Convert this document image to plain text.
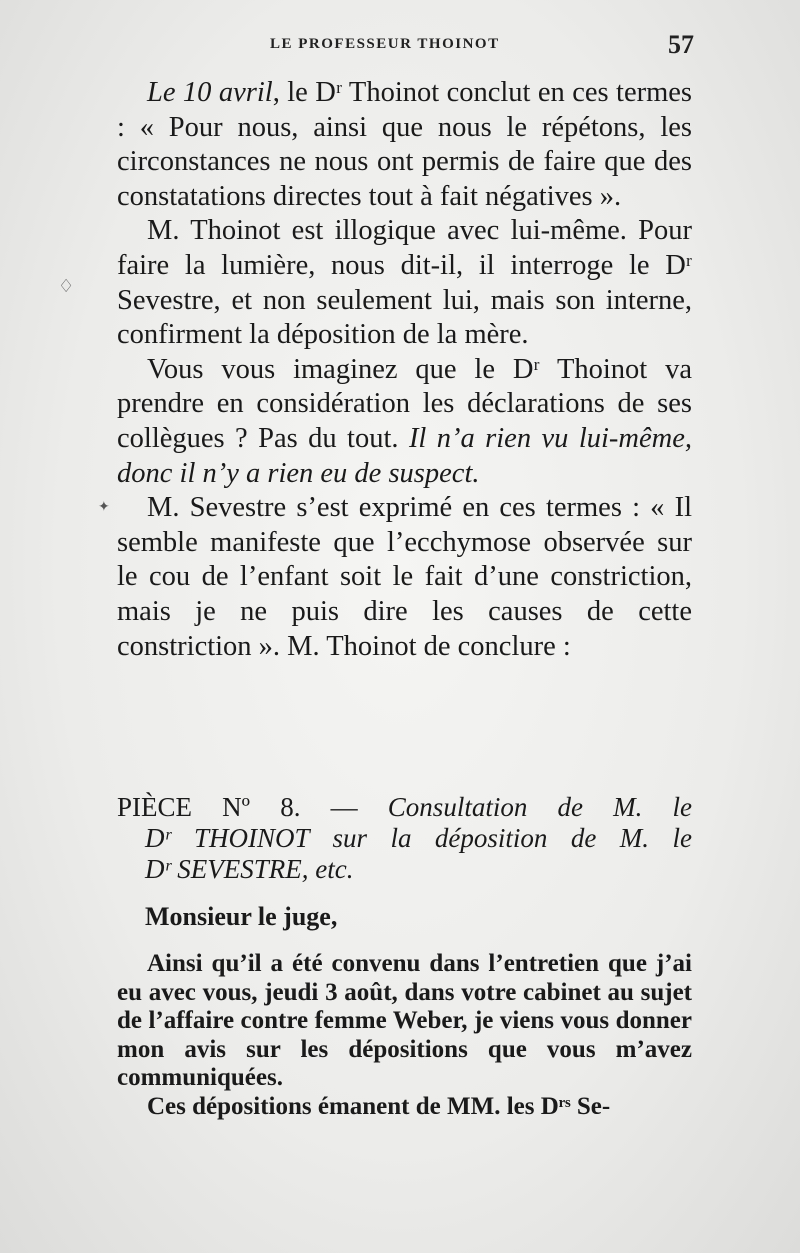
♢
✦
LE PROFESSEUR THOINOT	57

Le 10 avril, le Dʳ Thoinot conclut en ces termes : « Pour nous, ainsi que nous le répétons, les circonstances ne nous ont permis de faire que des constatations directes tout à fait négatives ».

M. Thoinot est illogique avec lui-même. Pour faire la lumière, nous dit-il, il interroge le Dʳ Sevestre, et non seulement lui, mais son interne, confirment la déposition de la mère.

Vous vous imaginez que le Dʳ Thoinot va prendre en considération les déclarations de ses collègues ? Pas du tout. Il n’a rien vu lui-même, donc il n’y a rien eu de suspect.

M. Sevestre s’est exprimé en ces termes : « Il semble manifeste que l’ecchymose observée sur le cou de l’enfant soit le fait d’une constriction, mais je ne puis dire les causes de cette constriction ». M. Thoinot de conclure :

PIÈCE Nº 8. — Consultation de M. le
Dʳ THOINOT sur la déposition de M. le
Dʳ SEVESTRE, etc.
Monsieur le juge,

Ainsi qu’il a été convenu dans l’entretien que j’ai eu avec vous, jeudi 3 août, dans votre cabinet au sujet de l’affaire contre femme Weber, je viens vous donner mon avis sur les dépositions que vous m’avez communiquées.

Ces dépositions émanent de MM. les Dʳˢ Se-
